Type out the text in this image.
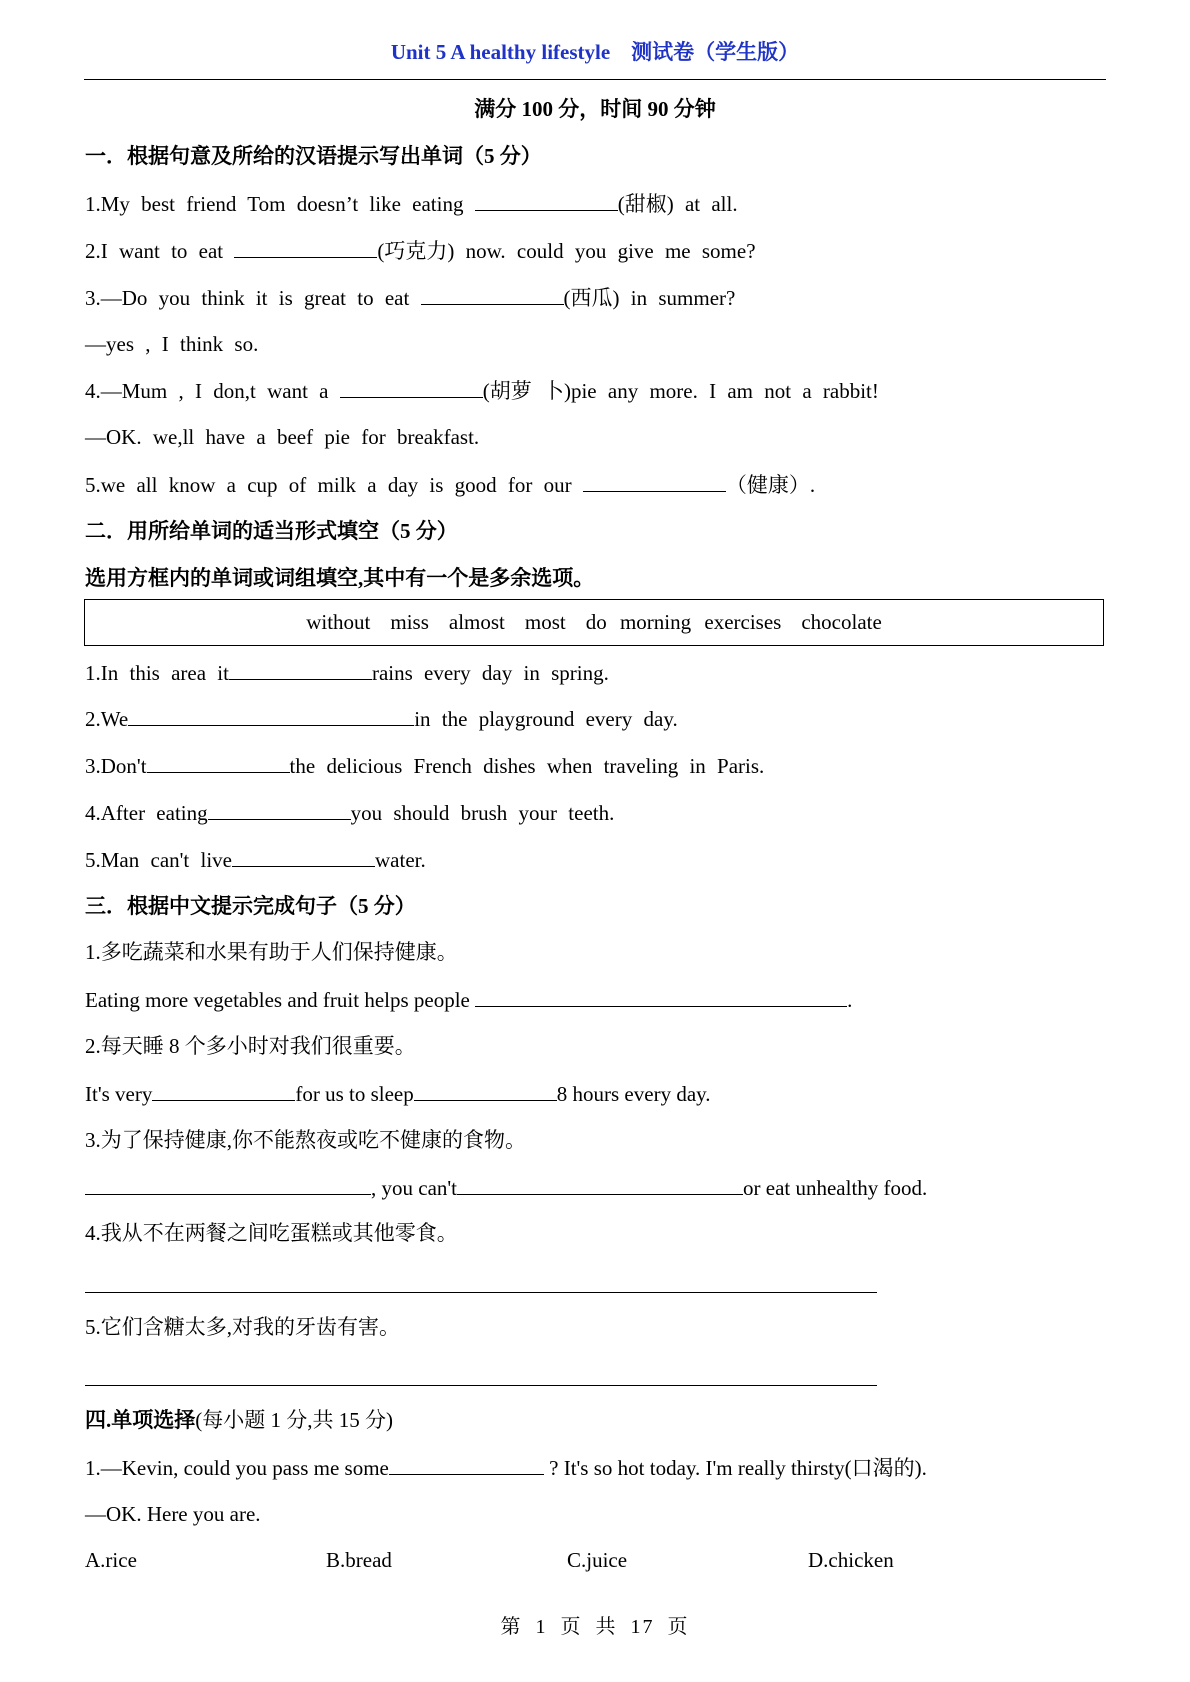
Unit 5 A healthy lifestyle　测试卷（学生版）
满分 100 分，时间 90 分钟
一．根据句意及所给的汉语提示写出单词（5 分）
1.My best friend Tom doesn’t like eating	(甜椒) at all.
2.I want to eat	(巧克力) now. could you give me some?
3.—Do you think it is great to eat	(西瓜) in summer?
—yes , I think so.
4.—Mum , I don,t want a	(胡萝 卜)pie any more. I am not a rabbit!
—OK. we,ll have a beef pie for breakfast.
5.we all know a cup of milk a day is good for our	（健康）.
二．用所给单词的适当形式填空（5 分）
选用方框内的单词或词组填空,其中有一个是多余选项。
without miss almost most do morning exercises chocolate
1.In this area it	rains every day in spring.
2.We	in the playground every day.
3.Don't	the delicious French dishes when traveling in Paris.
4.After eating	you should brush your teeth.
5.Man can't live	water.
三．根据中文提示完成句子（5 分）
1.多吃蔬菜和水果有助于人们保持健康。
Eating more vegetables and fruit helps people	.
2.每天睡 8 个多小时对我们很重要。
It's very	for us to sleep	8 hours every day.
3.为了保持健康,你不能熬夜或吃不健康的食物。
, you can't	or eat unhealthy food.
4.我从不在两餐之间吃蛋糕或其他零食。
5.它们含糖太多,对我的牙齿有害。
四.单项选择(每小题 1 分,共 15 分)
1.—Kevin, could you pass me some	? It's so hot today. I'm really thirsty(口渴的).
—OK. Here you are.
A.rice	B.bread	C.juice	D.chicken
第 1 页 共 17 页
